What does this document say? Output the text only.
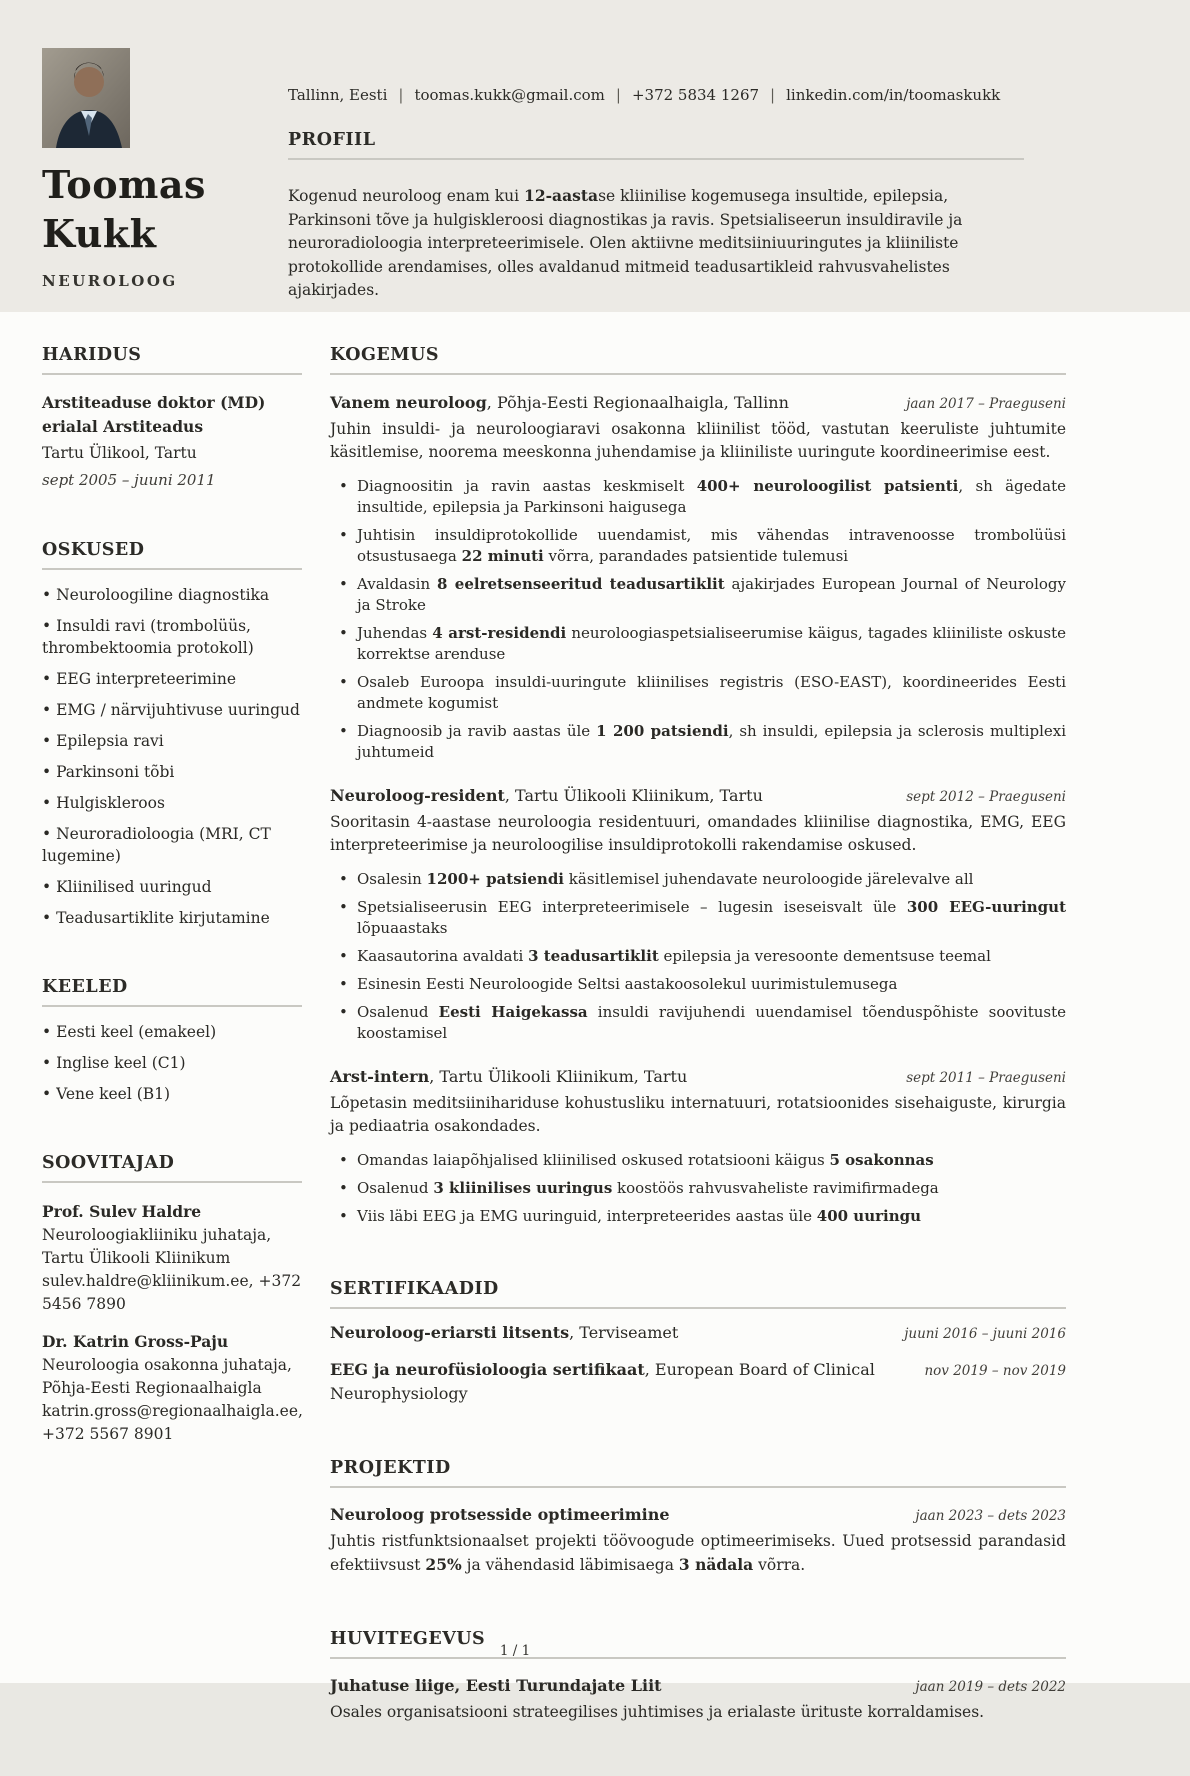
Toomas Kukk
NEUROLOOG
Tallinn, Eesti | toomas.kukk@gmail.com | +372 5834 1267 | linkedin.com/in/toomaskukk
PROFIIL

Kogenud neuroloog enam kui 12-aastase kliinilise kogemusega insultide, epilepsia, Parkinsoni tõve ja hulgiskleroosi diagnostikas ja ravis. Spetsialiseerun insuldiravile ja neuroradioloogia interpreteerimisele. Olen aktiivne meditsiiniuuringutes ja kliiniliste protokollide arendamises, olles avaldanud mitmeid teadusartikleid rahvusvahelistes ajakirjades.

HARIDUS
Arstiteaduse doktor (MD) erialal Arstiteadus
Tartu Ülikool, Tartu
sept 2005 – juuni 2011
OSKUSED
• Neuroloogiline diagnostika
• Insuldi ravi (trombolüüs, thrombektoomia protokoll)
• EEG interpreteerimine
• EMG / närvijuhtivuse uuringud
• Epilepsia ravi
• Parkinsoni tõbi
• Hulgiskleroos
• Neuroradioloogia (MRI, CT lugemine)
• Kliinilised uuringud
• Teadusartiklite kirjutamine
KEELED
• Eesti keel (emakeel)
• Inglise keel (C1)
• Vene keel (B1)
SOOVITAJAD
Prof. Sulev Haldre
Neuroloogiakliiniku juhataja, Tartu Ülikooli Kliinikum
sulev.haldre@kliinikum.ee, +372 5456 7890
Dr. Katrin Gross-Paju
Neuroloogia osakonna juhataja, Põhja-Eesti Regionaalhaigla
katrin.gross@regionaalhaigla.ee, +372 5567 8901
KOGEMUS
Vanem neuroloog, Põhja-Eesti Regionaalhaigla, Tallinn	jaan 2017 – Praeguseni

Juhin insuldi- ja neuroloogiaravi osakonna kliinilist tööd, vastutan keeruliste juhtumite käsitlemise, noorema meeskonna juhendamise ja kliiniliste uuringute koordineerimise eest.

•
Diagnoositin ja ravin aastas keskmiselt 400+ neuroloogilist patsienti, sh ägedate insultide, epilepsia ja Parkinsoni haigusega
•
Juhtisin insuldiprotokollide uuendamist, mis vähendas intravenoosse trombolüüsi otsustusaega 22 minuti võrra, parandades patsientide tulemusi
•
Avaldasin 8 eelretsenseeritud teadusartiklit ajakirjades European Journal of Neurology ja Stroke
•
Juhendas 4 arst-residendi neuroloogiaspetsialiseerumise käigus, tagades kliiniliste oskuste korrektse arenduse
•
Osaleb Euroopa insuldi-uuringute kliinilises registris (ESO-EAST), koordineerides Eesti andmete kogumist
•
Diagnoosib ja ravib aastas üle 1 200 patsiendi, sh insuldi, epilepsia ja sclerosis multiplexi juhtumeid
Neuroloog-resident, Tartu Ülikooli Kliinikum, Tartu	sept 2012 – Praeguseni

Sooritasin 4-aastase neuroloogia residentuuri, omandades kliinilise diagnostika, EMG, EEG interpreteerimise ja neuroloogilise insuldiprotokolli rakendamise oskused.

•
Osalesin 1200+ patsiendi käsitlemisel juhendavate neuroloogide järelevalve all
•
Spetsialiseerusin EEG interpreteerimisele – lugesin iseseisvalt üle 300 EEG-uuringut lõpuaastaks
•
Kaasautorina avaldati 3 teadusartiklit epilepsia ja veresoonte dementsuse teemal
•
Esinesin Eesti Neuroloogide Seltsi aastakoosolekul uurimistulemusega
•
Osalenud Eesti Haigekassa insuldi ravijuhendi uuendamisel tõenduspõhiste soovituste koostamisel
Arst-intern, Tartu Ülikooli Kliinikum, Tartu	sept 2011 – Praeguseni

Lõpetasin meditsiinihariduse kohustusliku internatuuri, rotatsioonides sisehaiguste, kirurgia ja pediaatria osakondades.

•
Omandas laiapõhjalised kliinilised oskused rotatsiooni käigus 5 osakonnas
•
Osalenud 3 kliinilises uuringus koostöös rahvusvaheliste ravimifirmadega
•
Viis läbi EEG ja EMG uuringuid, interpreteerides aastas üle 400 uuringu
SERTIFIKAADID
Neuroloog-eriarsti litsents, Terviseamet	juuni 2016 – juuni 2016
EEG ja neurofüsioloogia sertifikaat, European Board of Clinical Neurophysiology
nov 2019 – nov 2019
PROJEKTID
Neuroloog protsesside optimeerimine	jaan 2023 – dets 2023

Juhtis ristfunktsionaalset projekti töövoogude optimeerimiseks. Uued protsessid parandasid efektiivsust 25% ja vähendasid läbimisaega 3 nädala võrra.

HUVITEGEVUS
Juhatuse liige, Eesti Turundajate Liit	jaan 2019 – dets 2022

Osales organisatsiooni strateegilises juhtimises ja erialaste ürituste korraldamises.

1 / 1
